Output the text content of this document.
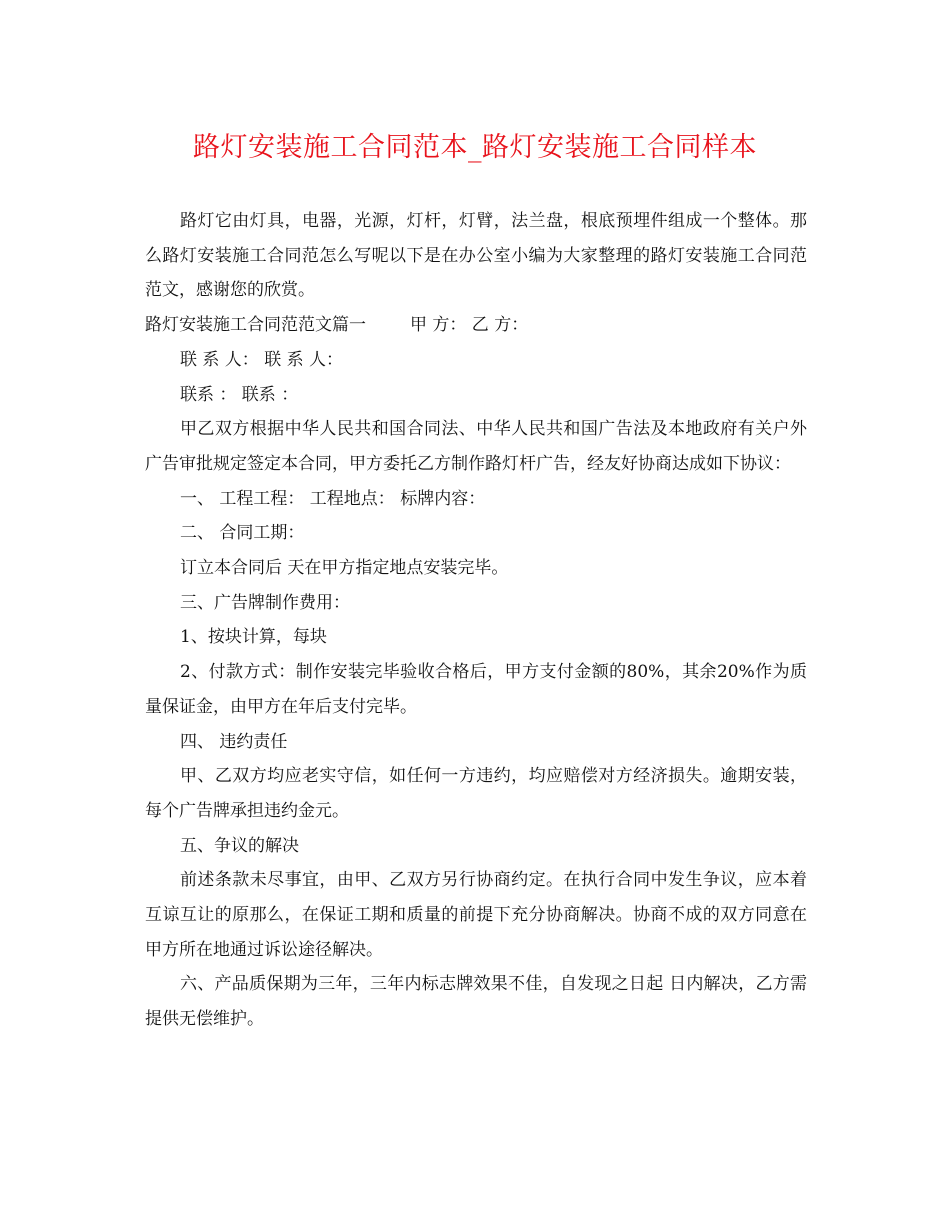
路灯安装施工合同范本_路灯安装施工合同样本

路灯它由灯具，电器，光源，灯杆，灯臂，法兰盘，根底预埋件组成一个整体。那么路灯安装施工合同范怎么写呢以下是在办公室小编为大家整理的路灯安装施工合同范范文，感谢您的欣赏。

路灯安装施工合同范范文篇一	甲 方： 乙 方：

联 系 人： 联 系 人：

联系 ： 联系 ：

甲乙双方根据中华人民共和国合同法、中华人民共和国广告法及本地政府有关户外广告审批规定签定本合同，甲方委托乙方制作路灯杆广告，经友好协商达成如下协议：

一、 工程工程： 工程地点： 标牌内容：

二、 合同工期：

订立本合同后 天在甲方指定地点安装完毕。

三、广告牌制作费用：

1、按块计算，每块

2、付款方式：制作安装完毕验收合格后，甲方支付金额的80%，其余20%作为质量保证金，由甲方在年后支付完毕。

四、 违约责任

甲、乙双方均应老实守信，如任何一方违约，均应赔偿对方经济损失。逾期安装，每个广告牌承担违约金元。

五、争议的解决

前述条款未尽事宜，由甲、乙双方另行协商约定。在执行合同中发生争议，应本着互谅互让的原那么，在保证工期和质量的前提下充分协商解决。协商不成的双方同意在甲方所在地通过诉讼途径解决。

六、产品质保期为三年，三年内标志牌效果不佳，自发现之日起 日内解决，乙方需提供无偿维护。
